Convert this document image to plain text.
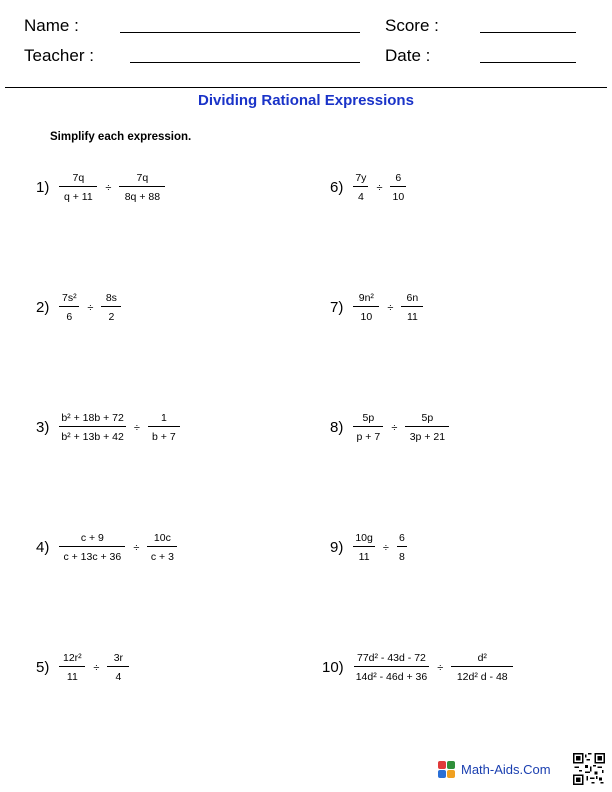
Name :	Score :
Teacher :	Date :
Dividing Rational Expressions
Simplify each expression.
$1) \frac{7q}{q + 11} \div \frac{7q}{8q + 88}$
$2) \frac{\text{7s²}}{6} \div \frac{8s}{2}$
$3) \frac{\text{b² + 18b + 72}}{\text{b² + 13b + 42}} \div \frac{1}{b + 7}$
$4) \frac{c + 9}{c + 13c + 36} \div \frac{10c}{c + 3}$
$5) \frac{\text{12r²}}{11} \div \frac{3r}{4}$
$6) \frac{7y}{4} \div \frac{6}{10}$
$7) \frac{\text{9n²}}{10} \div \frac{6n}{11}$
$8) \frac{5p}{p + 7} \div \frac{5p}{3p + 21}$
$9) \frac{10g}{11} \div \frac{6}{8}$
$10) \frac{\text{77d² - 43d - 72}}{\text{14d² - 46d + 36}} \div \frac{\text{d²}}{\text{12d² d - 48}}$
Math-Aids.Com
